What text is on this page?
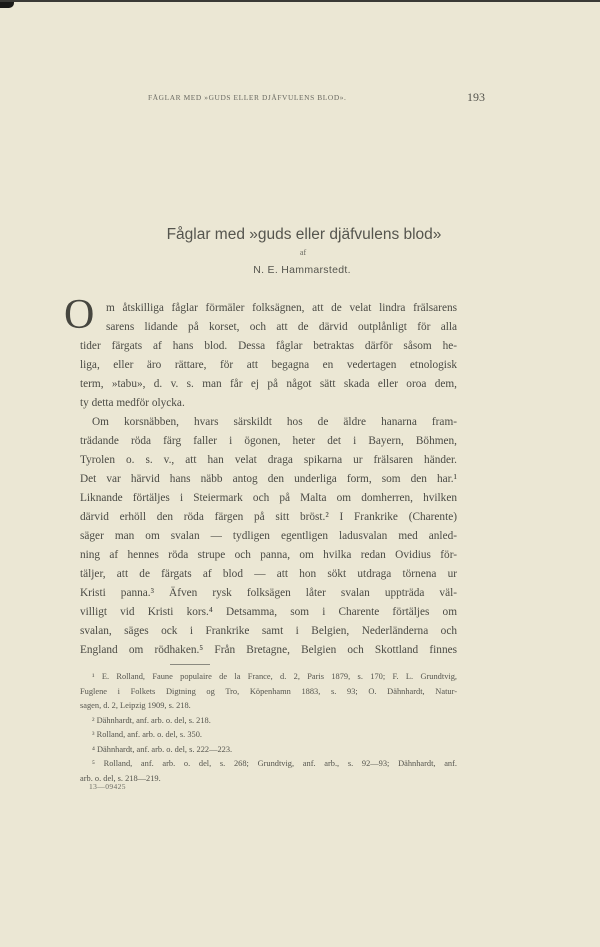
FÅGLAR MED »GUDS ELLER DJÄFVULENS BLOD».	193
Fåglar med »guds eller djäfvulens blod»
af
N. E. Hammarstedt.
O	m åtskilliga fåglar förmäler folksägnen, att de velat lindra frälsarens
sarens lidande på korset, och att de därvid outplånligt för alla
tider färgats af hans blod. Dessa fåglar betraktas därför såsom he-
liga, eller äro rättare, för att begagna en vedertagen etnologisk
term, »tabu», d. v. s. man får ej på något sätt skada eller oroa dem,
ty detta medför olycka.
Om korsnäbben, hvars särskildt hos de äldre hanarna fram-
trädande röda färg faller i ögonen, heter det i Bayern, Böhmen,
Tyrolen o. s. v., att han velat draga spikarna ur frälsaren händer.
Det var härvid hans näbb antog den underliga form, som den har.¹
Liknande förtäljes i Steiermark och på Malta om domherren, hvilken
därvid erhöll den röda färgen på sitt bröst.² I Frankrike (Charente)
säger man om svalan — tydligen egentligen ladusvalan med anled-
ning af hennes röda strupe och panna, om hvilka redan Ovidius för-
täljer, att de färgats af blod — att hon sökt utdraga törnena ur
Kristi panna.³ Äfven rysk folksägen låter svalan uppträda väl-
villigt vid Kristi kors.⁴ Detsamma, som i Charente förtäljes om
svalan, säges ock i Frankrike samt i Belgien, Nederländerna och
England om rödhaken.⁵ Från Bretagne, Belgien och Skottland finnes
¹ E. Rolland, Faune populaire de la France, d. 2, Paris 1879, s. 170; F. L. Grundtvig,
Fuglene i Folkets Digtning og Tro, Köpenhamn 1883, s. 93; O. Dähnhardt, Natur-
sagen, d. 2, Leipzig 1909, s. 218.
² Dähnhardt, anf. arb. o. del, s. 218.
³ Rolland, anf. arb. o. del, s. 350.
⁴ Dähnhardt, anf. arb. o. del, s. 222—223.
⁵ Rolland, anf. arb. o. del, s. 268; Grundtvig, anf. arb., s. 92—93; Dähnhardt, anf.
arb. o. del, s. 218—219.
13—09425
